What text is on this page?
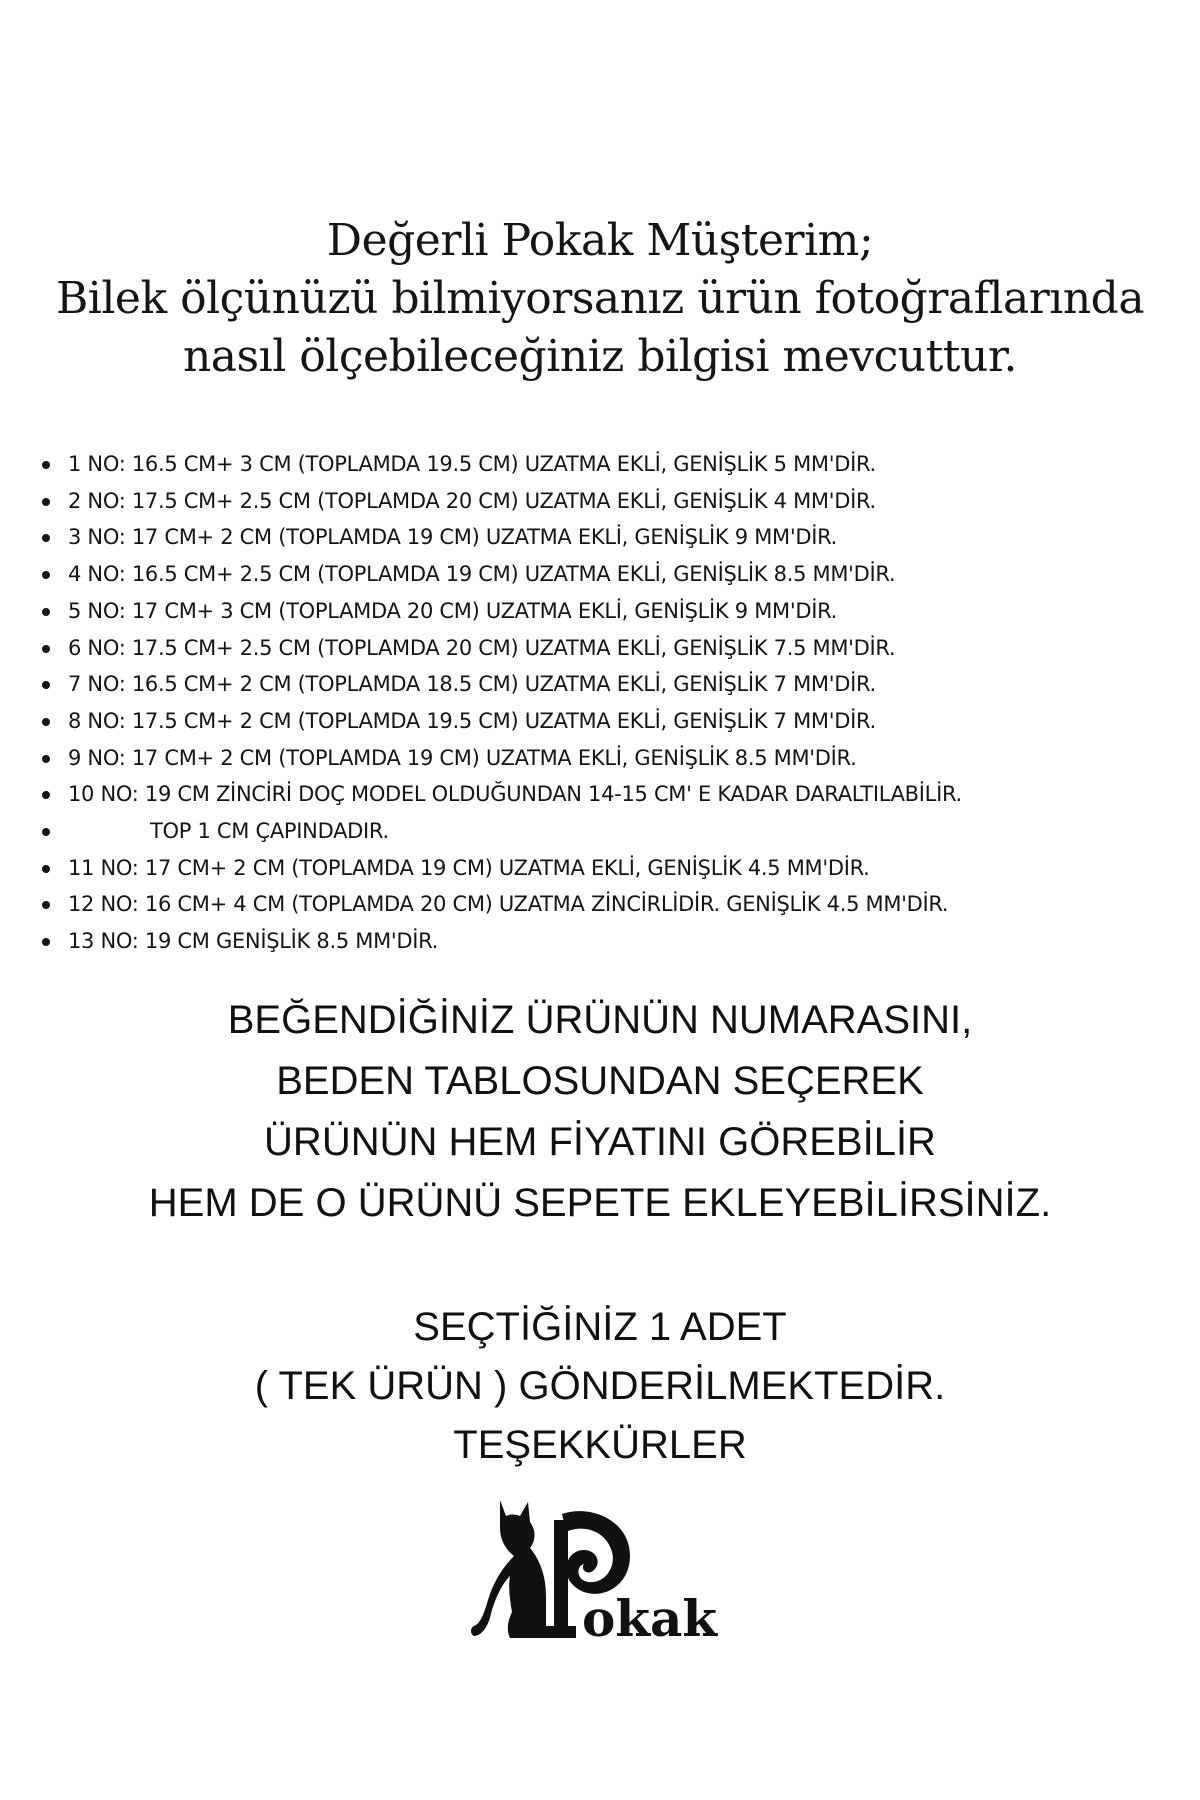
Değerli Pokak Müşterim;
Bilek ölçünüzü bilmiyorsanız ürün fotoğraflarında
nasıl ölçebileceğiniz bilgisi mevcuttur.
1 NO: 16.5 CM+ 3 CM (TOPLAMDA 19.5 CM) UZATMA EKLİ, GENİŞLİK 5 MM'DİR.
2 NO: 17.5 CM+ 2.5 CM (TOPLAMDA 20 CM) UZATMA EKLİ, GENİŞLİK 4 MM'DİR.
3 NO: 17 CM+ 2 CM (TOPLAMDA 19 CM) UZATMA EKLİ, GENİŞLİK 9 MM'DİR.
4 NO: 16.5 CM+ 2.5 CM (TOPLAMDA 19 CM) UZATMA EKLİ, GENİŞLİK 8.5 MM'DİR.
5 NO: 17 CM+ 3 CM (TOPLAMDA 20 CM) UZATMA EKLİ, GENİŞLİK 9 MM'DİR.
6 NO: 17.5 CM+ 2.5 CM (TOPLAMDA 20 CM) UZATMA EKLİ, GENİŞLİK 7.5 MM'DİR.
7 NO: 16.5 CM+ 2 CM (TOPLAMDA 18.5 CM) UZATMA EKLİ, GENİŞLİK 7 MM'DİR.
8 NO: 17.5 CM+ 2 CM (TOPLAMDA 19.5 CM) UZATMA EKLİ, GENİŞLİK 7 MM'DİR.
9 NO: 17 CM+ 2 CM (TOPLAMDA 19 CM) UZATMA EKLİ, GENİŞLİK 8.5 MM'DİR.
10 NO: 19 CM ZİNCİRİ DOÇ MODEL OLDUĞUNDAN 14-15 CM' E KADAR DARALTILABİLİR.
TOP 1 CM ÇAPINDADIR.
11 NO: 17 CM+ 2 CM (TOPLAMDA 19 CM) UZATMA EKLİ, GENİŞLİK 4.5 MM'DİR.
12 NO: 16 CM+ 4 CM (TOPLAMDA 20 CM) UZATMA ZİNCİRLİDİR. GENİŞLİK 4.5 MM'DİR.
13 NO: 19 CM GENİŞLİK 8.5 MM'DİR.
BEĞENDİĞİNİZ ÜRÜNÜN NUMARASINI,
BEDEN TABLOSUNDAN SEÇEREK
ÜRÜNÜN HEM FİYATINI GÖREBİLİR
HEM DE O ÜRÜNÜ SEPETE EKLEYEBİLİRSİNİZ.
SEÇTİĞİNİZ 1 ADET
( TEK ÜRÜN ) GÖNDERİLMEKTEDİR.
TEŞEKKÜRLER
okak
